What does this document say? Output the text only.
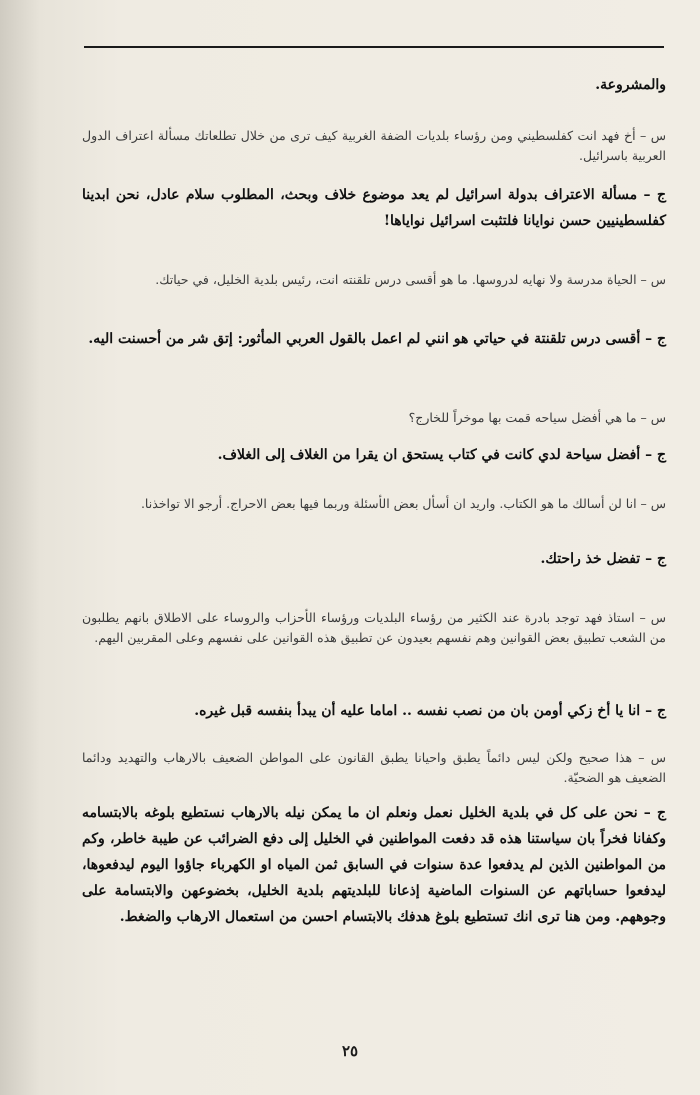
والمشروعة.

س – أخ فهد انت كفلسطيني ومن رؤساء بلديات الضفة الغربية كيف ترى من خلال تطلعاتك مسألة اعتراف الدول العربية باسرائيل.

ج – مسألة الاعتراف بدولة اسرائيل لم يعد موضوع خلاف وبحث، المطلوب سلام عادل، نحن ابدينا كفلسطينيين حسن نوايانا فلتثبت اسرائيل نواياها!

س – الحياة مدرسة ولا نهايه لدروسها. ما هو أقسى درس تلقنته انت، رئيس بلدية الخليل، في حياتك.

ج – أقسى درس تلقنتة في حياتي هو انني لم اعمل بالقول العربي المأثور: إتق شر من أحسنت اليه.

س – ما هي أفضل سياحه قمت بها موخراً للخارج؟

ج – أفضل سياحة لدي كانت في كتاب يستحق ان يقرا من الغلاف إلى الغلاف.

س – انا لن أسالك ما هو الكتاب. واريد ان أسأل بعض الأسئلة وربما فيها بعض الاحراج. أرجو الا تواخذنا.

ج – تفضل خذ راحتك.

س – استاذ فهد توجد بادرة عند الكثير من رؤساء البلديات ورؤساء الأحزاب والروساء على الاطلاق بانهم يطلبون من الشعب تطبيق بعض القوانين وهم نفسهم بعيدون عن تطبيق هذه القوانين على نفسهم وعلى المقربين اليهم.

ج – انا يا أخ زكي أومن بان من نصب نفسه .. اماما عليه أن يبدأ بنفسه قبل غيره.

س – هذا صحيح ولكن ليس دائماً يطبق واحيانا يطبق القانون على المواطن الضعيف بالارهاب والتهديد ودائما الضعيف هو الضحيّة.

ج – نحن على كل في بلدية الخليل نعمل ونعلم ان ما يمكن نيله بالارهاب نستطيع بلوغه بالابتسامه وكفانا فخراً بان سياستنا هذه قد دفعت المواطنين في الخليل إلى دفع الضرائب عن طيبة خاطر، وكم من المواطنين الذين لم يدفعوا عدة سنوات في السابق ثمن المياه او الكهرباء جاؤوا اليوم ليدفعوها، ليدفعوا حساباتهم عن السنوات الماضية إذعانا للبلديتهم بلدية الخليل، بخضوعهن والابتسامة على وجوههم. ومن هنا ترى انك تستطيع بلوغ هدفك بالابتسام احسن من استعمال الارهاب والضغط.

٢٥
